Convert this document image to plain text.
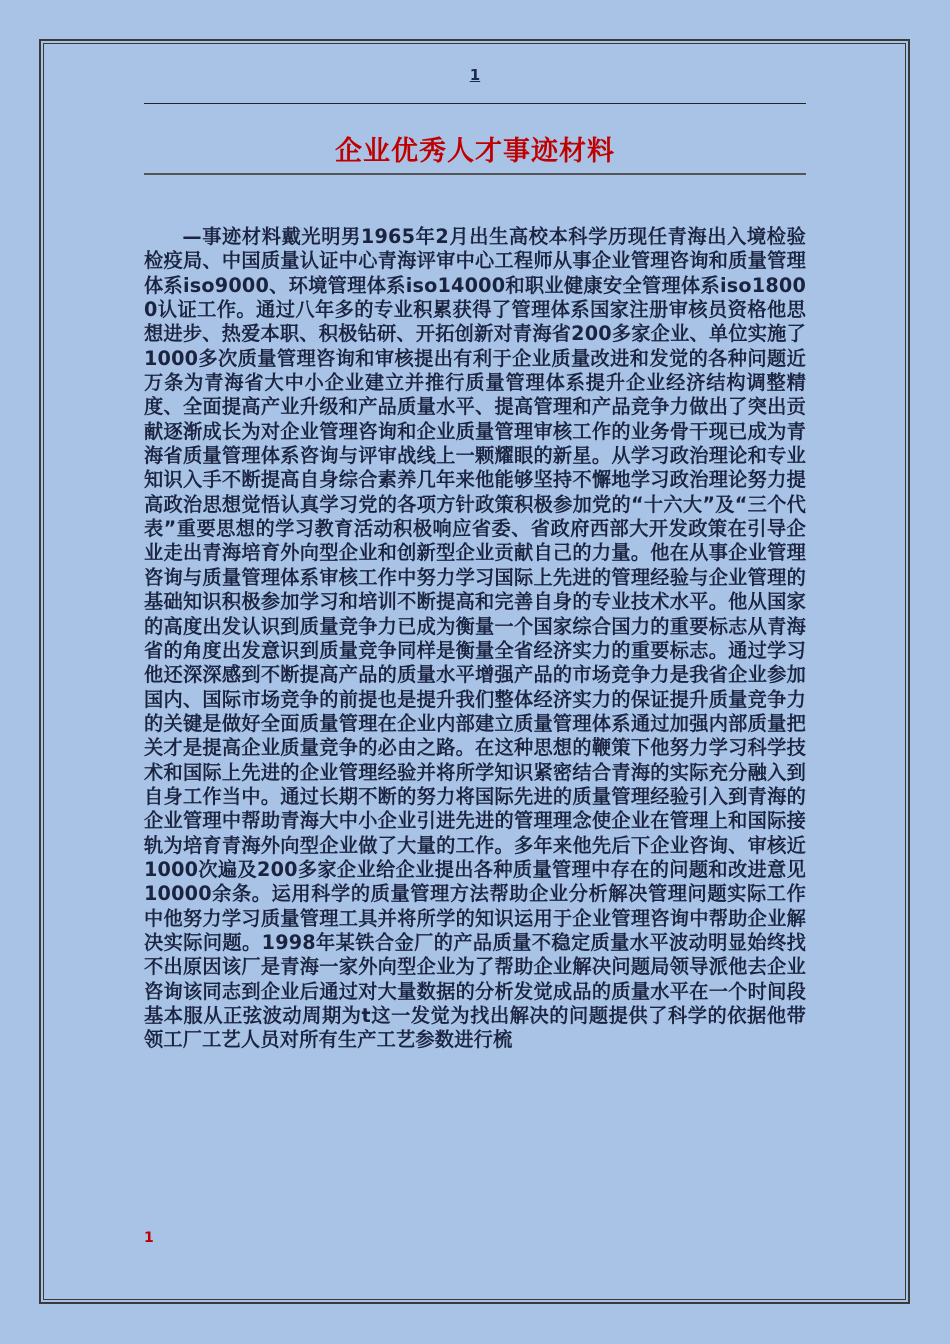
1
企业优秀人才事迹材料

—事迹材料戴光明男1965年2月出生高校本科学历现任青海出入境检验检疫局、中国质量认证中心青海评审中心工程师从事企业管理咨询和质量管理体系iso9000、环境管理体系iso14000和职业健康安全管理体系iso18000认证工作。通过八年多的专业积累获得了管理体系国家注册审核员资格他思想进步、热爱本职、积极钻研、开拓创新对青海省200多家企业、单位实施了1000多次质量管理咨询和审核提出有利于企业质量改进和发觉的各种问题近万条为青海省大中小企业建立并推行质量管理体系提升企业经济结构调整精度、全面提高产业升级和产品质量水平、提高管理和产品竞争力做出了突出贡献逐渐成长为对企业管理咨询和企业质量管理审核工作的业务骨干现已成为青海省质量管理体系咨询与评审战线上一颗耀眼的新星。从学习政治理论和专业知识入手不断提高自身综合素养几年来他能够坚持不懈地学习政治理论努力提高政治思想觉悟认真学习党的各项方针政策积极参加党的“十六大”及“三个代表”重要思想的学习教育活动积极响应省委、省政府西部大开发政策在引导企业走出青海培育外向型企业和创新型企业贡献自己的力量。他在从事企业管理咨询与质量管理体系审核工作中努力学习国际上先进的管理经验与企业管理的基础知识积极参加学习和培训不断提高和完善自身的专业技术水平。他从国家的高度出发认识到质量竞争力已成为衡量一个国家综合国力的重要标志从青海省的角度出发意识到质量竞争同样是衡量全省经济实力的重要标志。通过学习他还深深感到不断提高产品的质量水平增强产品的市场竞争力是我省企业参加国内、国际市场竞争的前提也是提升我们整体经济实力的保证提升质量竞争力的关键是做好全面质量管理在企业内部建立质量管理体系通过加强内部质量把关才是提高企业质量竞争的必由之路。在这种思想的鞭策下他努力学习科学技术和国际上先进的企业管理经验并将所学知识紧密结合青海的实际充分融入到自身工作当中。通过长期不断的努力将国际先进的质量管理经验引入到青海的企业管理中帮助青海大中小企业引进先进的管理理念使企业在管理上和国际接轨为培育青海外向型企业做了大量的工作。多年来他先后下企业咨询、审核近1000次遍及200多家企业给企业提出各种质量管理中存在的问题和改进意见10000余条。运用科学的质量管理方法帮助企业分析解决管理问题实际工作中他努力学习质量管理工具并将所学的知识运用于企业管理咨询中帮助企业解决实际问题。1998年某铁合金厂的产品质量不稳定质量水平波动明显始终找不出原因该厂是青海一家外向型企业为了帮助企业解决问题局领导派他去企业咨询该同志到企业后通过对大量数据的分析发觉成品的质量水平在一个时间段基本服从正弦波动周期为t这一发觉为找出解决的问题提供了科学的依据他带领工厂工艺人员对所有生产工艺参数进行梳

1
